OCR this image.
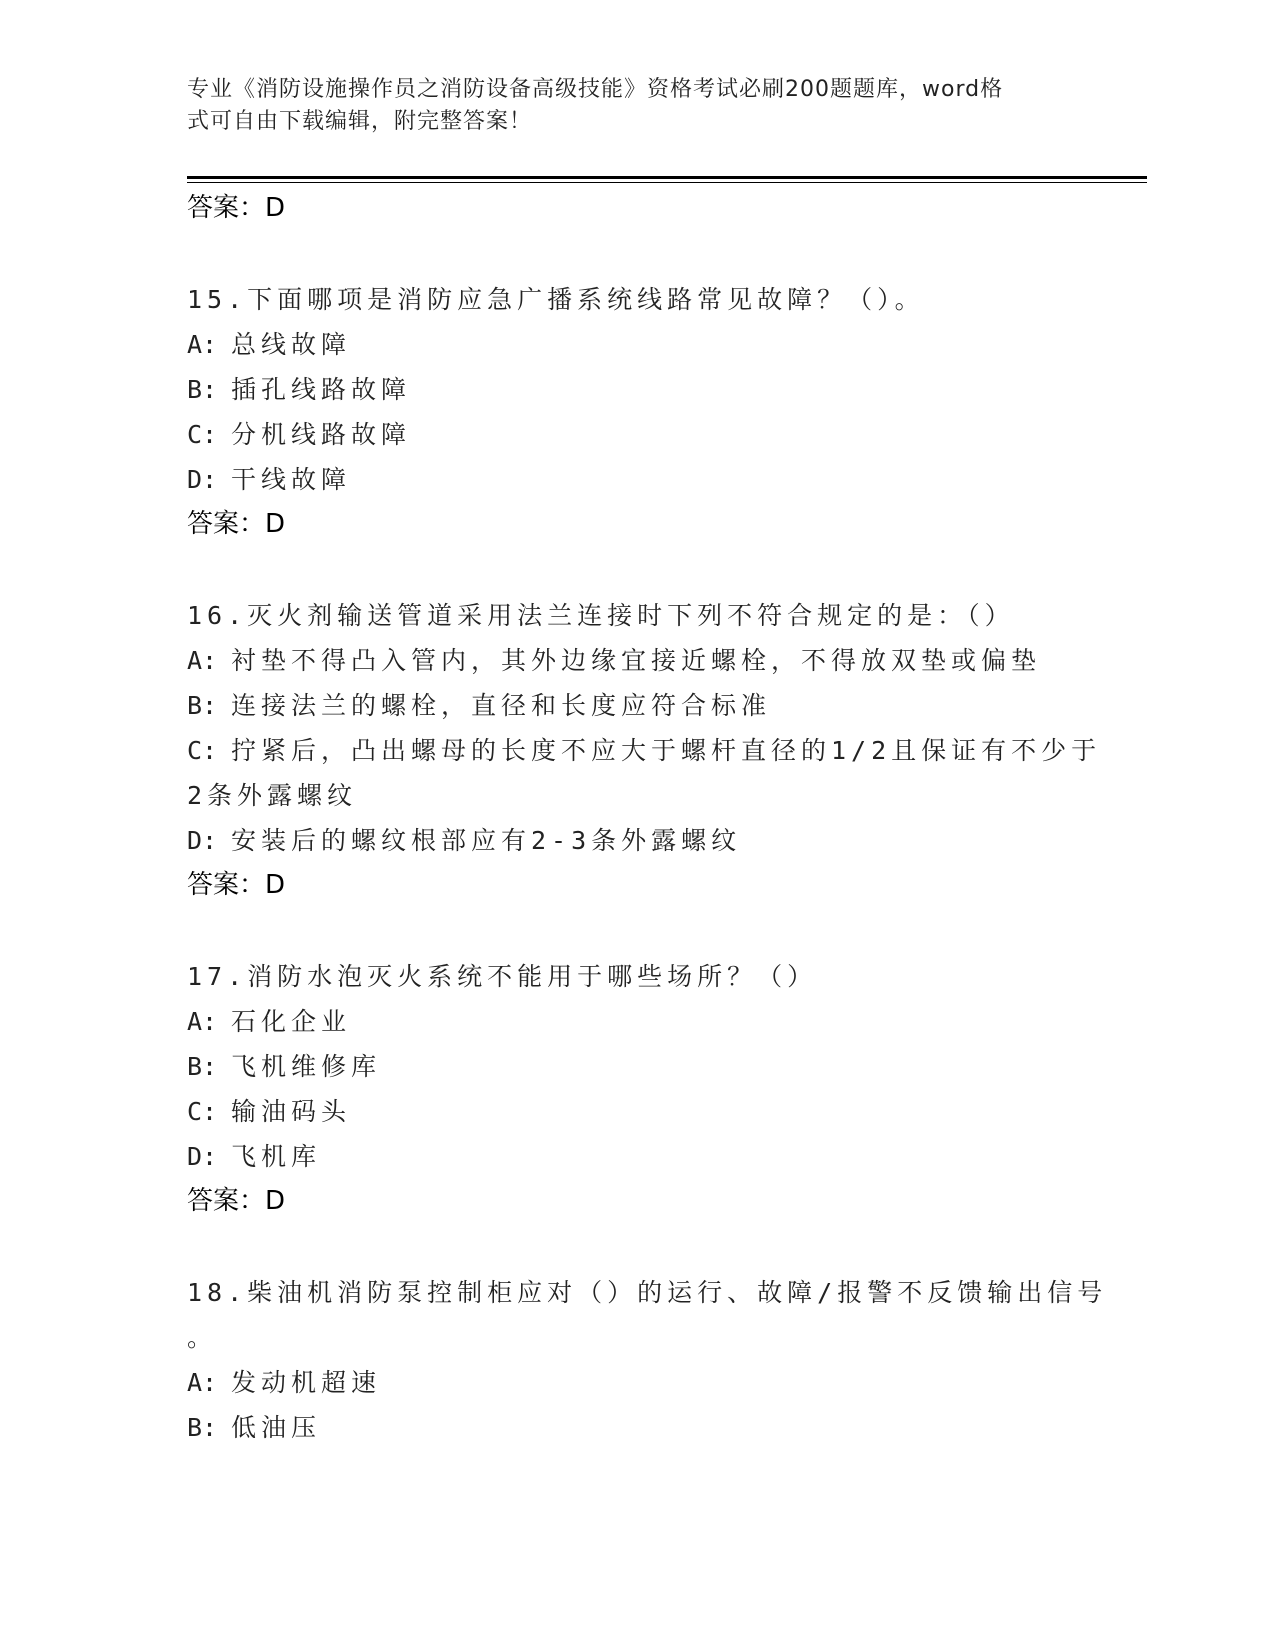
专业《消防设施操作员之消防设备高级技能》资格考试必刷200题题库，word格
式可自由下载编辑，附完整答案！
答案：D
15.下面哪项是消防应急广播系统线路常见故障？（）。
A: 总线故障
B: 插孔线路故障
C: 分机线路故障
D: 干线故障
答案：D
16.灭火剂输送管道采用法兰连接时下列不符合规定的是：（）
A: 衬垫不得凸入管内，其外边缘宜接近螺栓，不得放双垫或偏垫
B: 连接法兰的螺栓，直径和长度应符合标准
C: 拧紧后，凸出螺母的长度不应大于螺杆直径的1/2且保证有不少于
2条外露螺纹
D: 安装后的螺纹根部应有2-3条外露螺纹
答案：D
17.消防水泡灭火系统不能用于哪些场所？（）
A: 石化企业
B: 飞机维修库
C: 输油码头
D: 飞机库
答案：D
18.柴油机消防泵控制柜应对（）的运行、故障/报警不反馈输出信号
。
A: 发动机超速
B: 低油压
